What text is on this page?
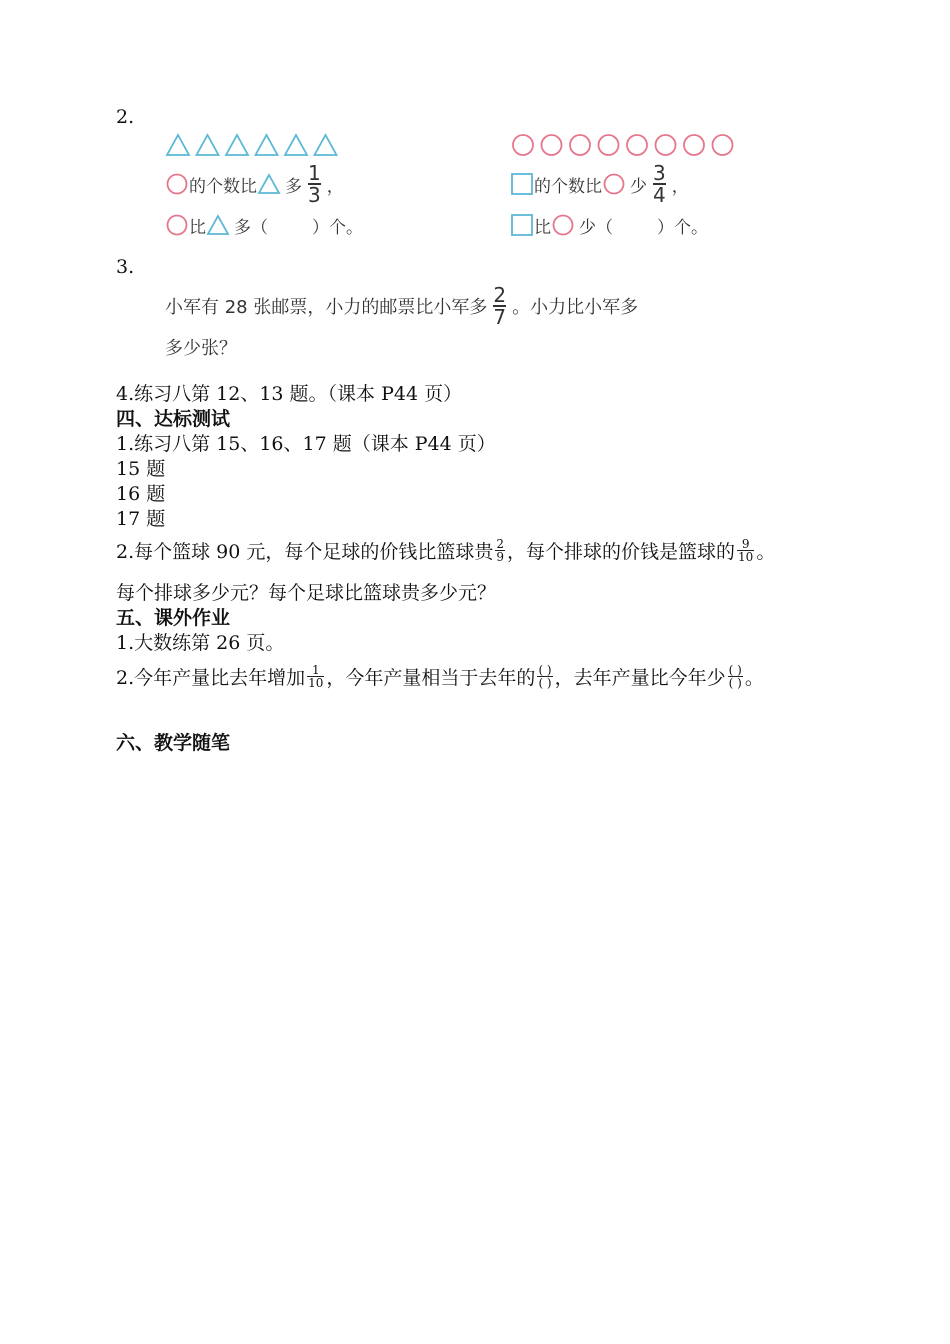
2.
的个数比 多 $\frac{1}{3}$ ，
比 多（	）个。
的个数比 少 $\frac{3}{4}$ ，
比 少（	）个。
3.
小军有 28 张邮票，小力的邮票比小军多 $\frac{2}{7}$ 。小力比小军多
多少张？
4.练习八第 12、13 题。（课本 P44 页）
四、达标测试
1.练习八第 15、16、17 题（课本 P44 页）
15 题
16 题
17 题
2.每个篮球 90 元，每个足球的价钱比篮球贵 $\frac{2}{9}$ ，每个排球的价钱是篮球的 $\frac{9}{10}$ 。
每个排球多少元？每个足球比篮球贵多少元？
五、课外作业
1.大数练第 26 页。
2.今年产量比去年增加 $\frac{1}{10}$ ，今年产量相当于去年的 $\frac{( )}{( )}$ ，去年产量比今年少 $\frac{( )}{( )}$ 。
六、教学随笔
